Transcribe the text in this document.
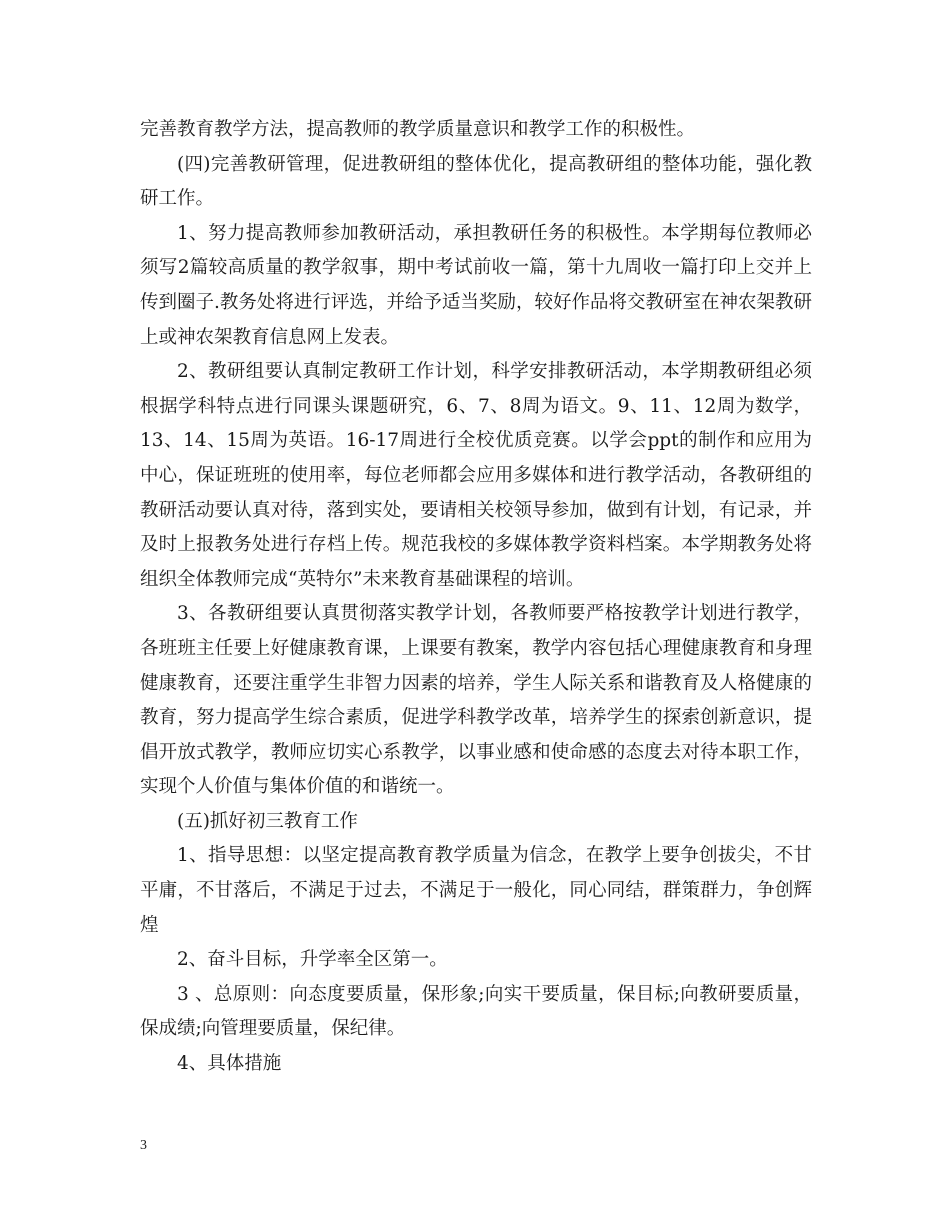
完善教育教学方法，提高教师的教学质量意识和教学工作的积极性。

(四)完善教研管理，促进教研组的整体优化，提高教研组的整体功能，强化教研工作。

1、努力提高教师参加教研活动，承担教研任务的积极性。本学期每位教师必须写2篇较高质量的教学叙事，期中考试前收一篇，第十九周收一篇打印上交并上传到圈子.教务处将进行评选，并给予适当奖励，较好作品将交教研室在神农架教研上或神农架教育信息网上发表。

2、教研组要认真制定教研工作计划，科学安排教研活动，本学期教研组必须根据学科特点进行同课头课题研究，6、7、8周为语文。9、11、12周为数学，13、14、15周为英语。16-17周进行全校优质竞赛。以学会ppt的制作和应用为中心，保证班班的使用率，每位老师都会应用多媒体和进行教学活动，各教研组的教研活动要认真对待，落到实处，要请相关校领导参加，做到有计划，有记录，并及时上报教务处进行存档上传。规范我校的多媒体教学资料档案。本学期教务处将组织全体教师完成“英特尔”未来教育基础课程的培训。

3、各教研组要认真贯彻落实教学计划，各教师要严格按教学计划进行教学，各班班主任要上好健康教育课，上课要有教案，教学内容包括心理健康教育和身理健康教育，还要注重学生非智力因素的培养，学生人际关系和谐教育及人格健康的教育，努力提高学生综合素质，促进学科教学改革，培养学生的探索创新意识，提倡开放式教学，教师应切实心系教学，以事业感和使命感的态度去对待本职工作，实现个人价值与集体价值的和谐统一。

(五)抓好初三教育工作

1、指导思想：以坚定提高教育教学质量为信念，在教学上要争创拔尖，不甘平庸，不甘落后，不满足于过去，不满足于一般化，同心同结，群策群力，争创辉煌

2、奋斗目标，升学率全区第一。

3 、总原则：向态度要质量，保形象;向实干要质量，保目标;向教研要质量，保成绩;向管理要质量，保纪律。

4、具体措施

3
